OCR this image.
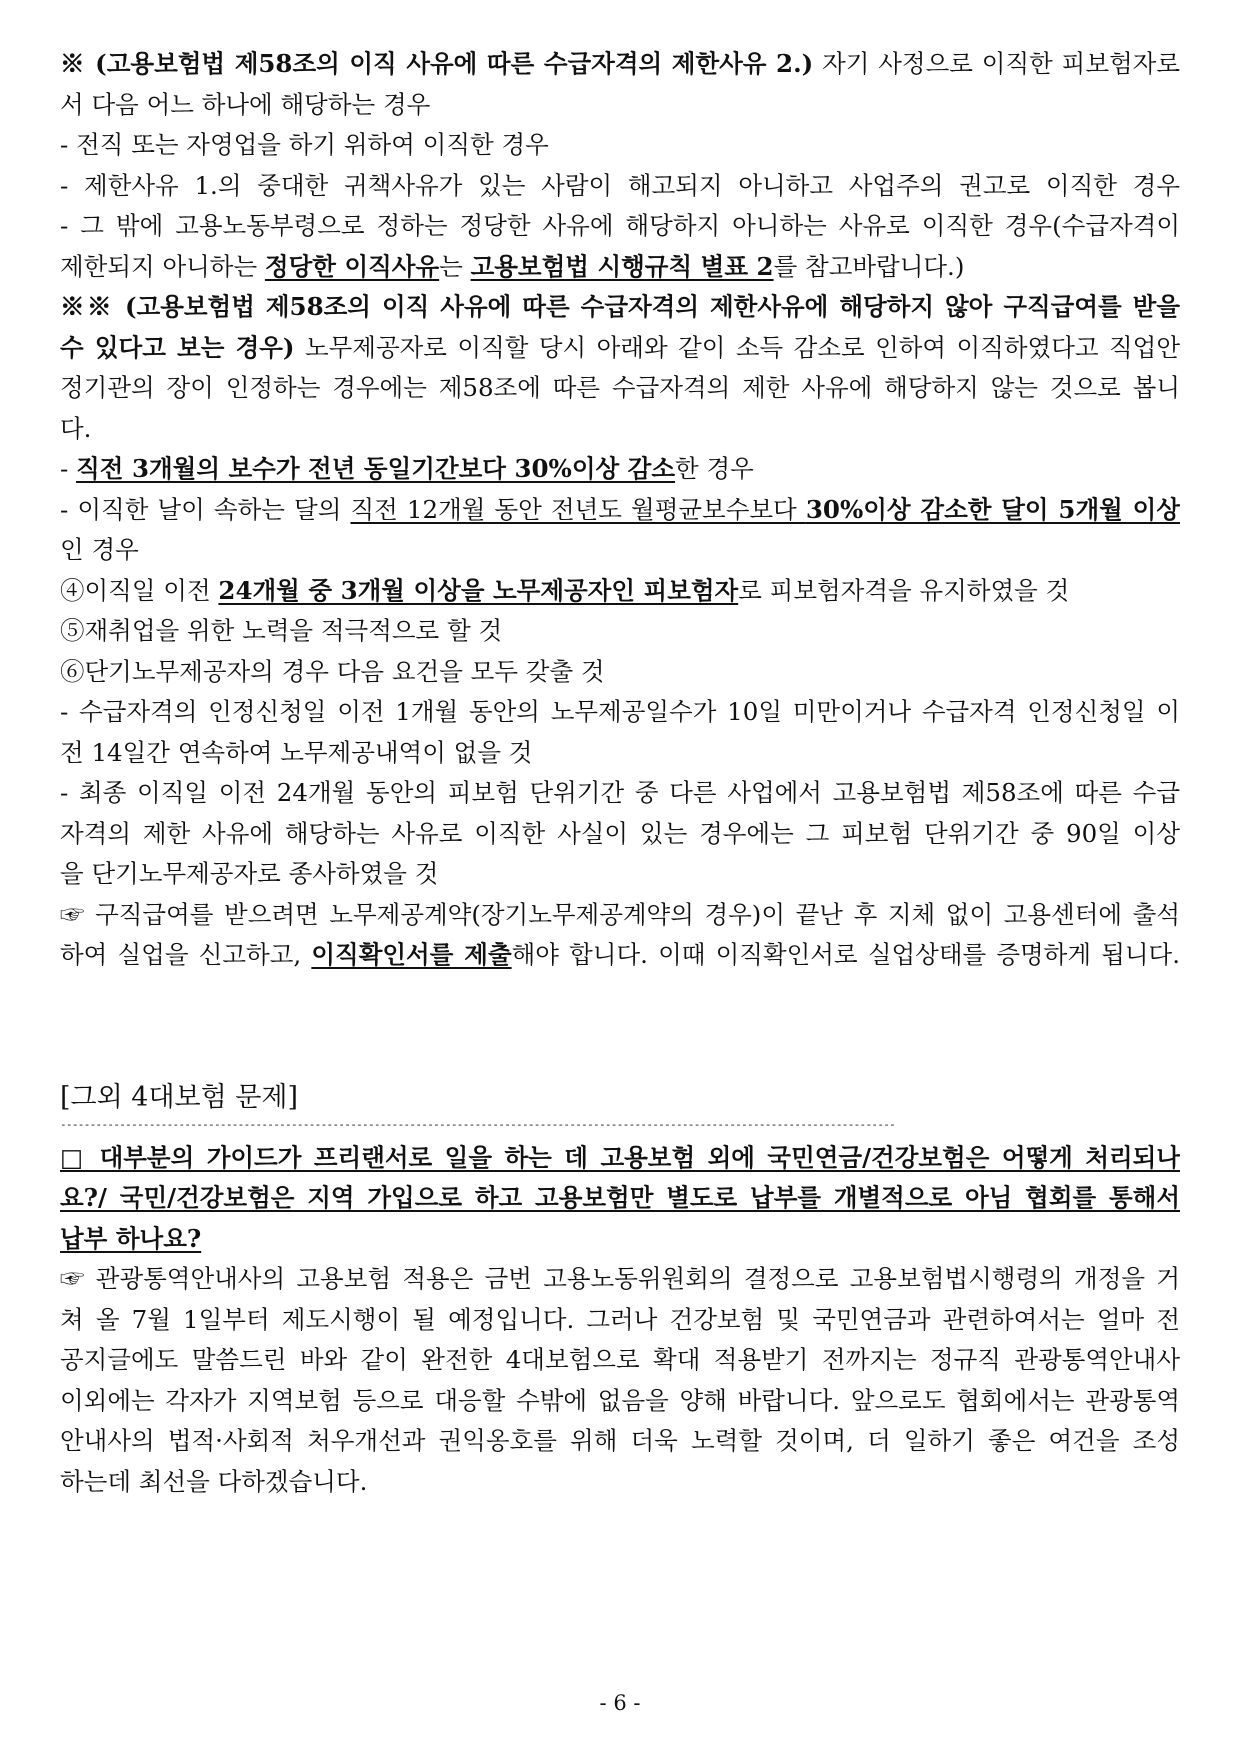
※ (고용보험법 제58조의 이직 사유에 따른 수급자격의 제한사유 2.) 자기 사정으로 이직한 피보험자로
서 다음 어느 하나에 해당하는 경우
- 전직 또는 자영업을 하기 위하여 이직한 경우
- 제한사유 1.의 중대한 귀책사유가 있는 사람이 해고되지 아니하고 사업주의 권고로 이직한 경우
- 그 밖에 고용노동부령으로 정하는 정당한 사유에 해당하지 아니하는 사유로 이직한 경우(수급자격이
제한되지 아니하는 정당한 이직사유는 고용보험법 시행규칙 별표 2를 참고바랍니다.)
※※ (고용보험법 제58조의 이직 사유에 따른 수급자격의 제한사유에 해당하지 않아 구직급여를 받을
수 있다고 보는 경우) 노무제공자로 이직할 당시 아래와 같이 소득 감소로 인하여 이직하였다고 직업안
정기관의 장이 인정하는 경우에는 제58조에 따른 수급자격의 제한 사유에 해당하지 않는 것으로 봅니
다.
- 직전 3개월의 보수가 전년 동일기간보다 30%이상 감소한 경우
- 이직한 날이 속하는 달의 직전 12개월 동안 전년도 월평균보수보다 30%이상 감소한 달이 5개월 이상
인 경우
④이직일 이전 24개월 중 3개월 이상을 노무제공자인 피보험자로 피보험자격을 유지하였을 것
⑤재취업을 위한 노력을 적극적으로 할 것
⑥단기노무제공자의 경우 다음 요건을 모두 갖출 것
- 수급자격의 인정신청일 이전 1개월 동안의 노무제공일수가 10일 미만이거나 수급자격 인정신청일 이
전 14일간 연속하여 노무제공내역이 없을 것
- 최종 이직일 이전 24개월 동안의 피보험 단위기간 중 다른 사업에서 고용보험법 제58조에 따른 수급
자격의 제한 사유에 해당하는 사유로 이직한 사실이 있는 경우에는 그 피보험 단위기간 중 90일 이상
을 단기노무제공자로 종사하였을 것
☞ 구직급여를 받으려면 노무제공계약(장기노무제공계약의 경우)이 끝난 후 지체 없이 고용센터에 출석
하여 실업을 신고하고, 이직확인서를 제출해야 합니다. 이때 이직확인서로 실업상태를 증명하게 됩니다.
[그외 4대보험 문제]
---------------------------------------------------------------------------------------------------------------------------------------------
□ 대부분의 가이드가 프리랜서로 일을 하는 데 고용보험 외에 국민연금/건강보험은 어떻게 처리되나
요?/ 국민/건강보험은 지역 가입으로 하고 고용보험만 별도로 납부를 개별적으로 아님 협회를 통해서
납부 하나요?
☞ 관광통역안내사의 고용보험 적용은 금번 고용노동위원회의 결정으로 고용보험법시행령의 개정을 거
쳐 올 7월 1일부터 제도시행이 될 예정입니다. 그러나 건강보험 및 국민연금과 관련하여서는 얼마 전
공지글에도 말씀드린 바와 같이 완전한 4대보험으로 확대 적용받기 전까지는 정규직 관광통역안내사
이외에는 각자가 지역보험 등으로 대응할 수밖에 없음을 양해 바랍니다. 앞으로도 협회에서는 관광통역
안내사의 법적·사회적 처우개선과 권익옹호를 위해 더욱 노력할 것이며, 더 일하기 좋은 여건을 조성
하는데 최선을 다하겠습니다.
- 6 -
